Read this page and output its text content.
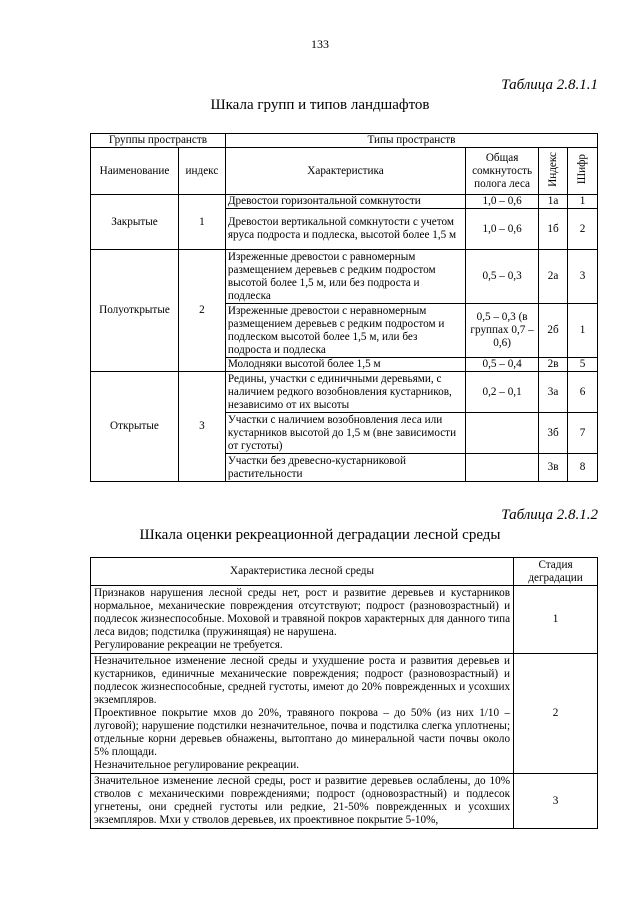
133
Таблица 2.8.1.1
Шкала групп и типов ландшафтов
Группы пространств		Типы пространств			
Наименование	индекс	Характеристика	Общая сомкнутость полога леса	Индекс	Шифр
Закрытые	1	Древостои горизонтальной сомкнутости	1,0 – 0,6	1а	1
		Древостои вертикальной сомкнутости с учетом яруса подроста и подлеска, высотой более 1,5 м	1,0 – 0,6	1б	2
Полуоткрытые	2	Изреженные древостои с равномерным размещением деревьев с редким подростом высотой более 1,5 м, или без подроста и подлеска	0,5 – 0,3	2а	3
		Изреженные древостои с неравномерным размещением деревьев с редким подростом и подлеском высотой более 1,5 м, или без подроста и подлеска	0,5 – 0,3 (в группах 0,7 – 0,6)	2б	1
		Молодняки высотой более 1,5 м	0,5 – 0,4	2в	5
Открытые	3	Редины, участки с единичными деревьями, с наличием редкого возобновления кустарников, независимо от их высоты	0,2 – 0,1	3а	6
		Участки с наличием возобновления леса или кустарников высотой до 1,5 м (вне зависимости от густоты)		3б	7
		Участки без древесно-кустарниковой растительности		3в	8
Таблица 2.8.1.2
Шкала оценки рекреационной деградации лесной среды
Характеристика лесной среды	Стадия деградации

Признаков нарушения лесной среды нет, рост и развитие деревьев и кустарников нормальное, механические повреждения отсутствуют; подрост (разновозрастный) и подлесок жизнеспособные. Моховой и травяной покров характерных для данного типа леса видов; подстилка (пружинящая) не нарушена.
Регулирование рекреации не требуется.	1

Незначительное изменение лесной среды и ухудшение роста и развития деревьев и кустарников, единичные механические повреждения; подрост (разновозрастный) и подлесок жизнеспособные, средней густоты, имеют до 20% поврежденных и усохших экземпляров.
Проективное покрытие мхов до 20%, травяного покрова – до 50% (из них 1/10 – луговой); нарушение подстилки незначительное, почва и подстилка слегка уплотнены; отдельные корни деревьев обнажены, вытоптано до минеральной части почвы около 5% площади.
Незначительное регулирование рекреации.	2

Значительное изменение лесной среды, рост и развитие деревьев ослаблены, до 10% стволов с механическими повреждениями; подрост (одновозрастный) и подлесок угнетены, они средней густоты или редкие, 21-50% поврежденных и усохших экземпляров. Мхи у стволов деревьев, их проективное покрытие 5-10%,	3
